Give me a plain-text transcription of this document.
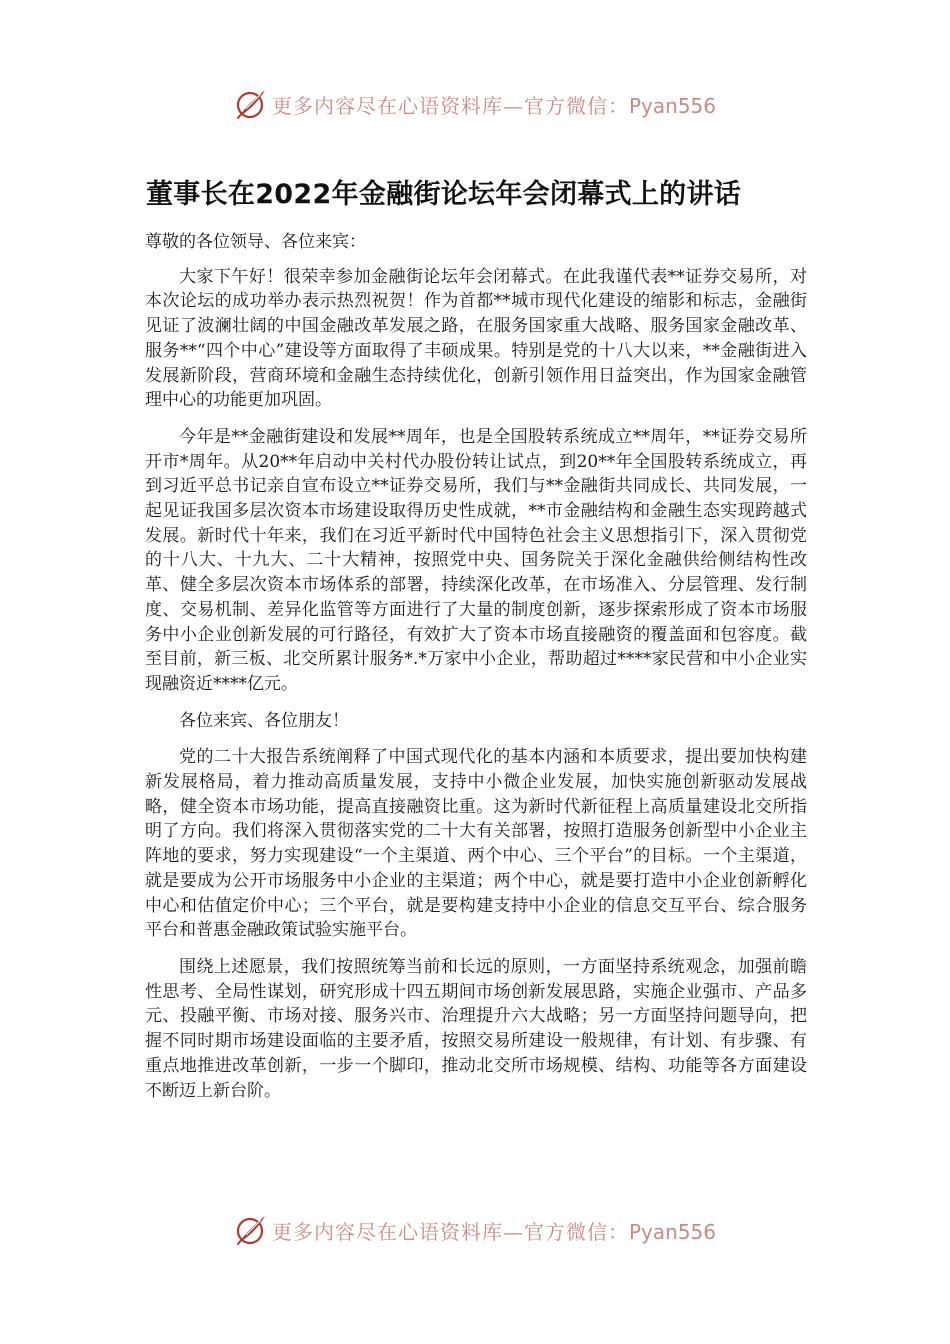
更多内容尽在心语资料库—官方微信：Pyan556
董事长在2022年金融街论坛年会闭幕式上的讲话

尊敬的各位领导、各位来宾：

大家下午好！很荣幸参加金融街论坛年会闭幕式。在此我谨代表**证券交易所，对本次论坛的成功举办表示热烈祝贺！作为首都**城市现代化建设的缩影和标志，金融街见证了波澜壮阔的中国金融改革发展之路，在服务国家重大战略、服务国家金融改革、服务**“四个中心”建设等方面取得了丰硕成果。特别是党的十八大以来，**金融街进入发展新阶段，营商环境和金融生态持续优化，创新引领作用日益突出，作为国家金融管理中心的功能更加巩固。

今年是**金融街建设和发展**周年，也是全国股转系统成立**周年，**证券交易所开市*周年。从20**年启动中关村代办股份转让试点，到20**年全国股转系统成立，再到习近平总书记亲自宣布设立**证券交易所，我们与**金融街共同成长、共同发展，一起见证我国多层次资本市场建设取得历史性成就，**市金融结构和金融生态实现跨越式发展。新时代十年来，我们在习近平新时代中国特色社会主义思想指引下，深入贯彻党的十八大、十九大、二十大精神，按照党中央、国务院关于深化金融供给侧结构性改革、健全多层次资本市场体系的部署，持续深化改革，在市场准入、分层管理、发行制度、交易机制、差异化监管等方面进行了大量的制度创新，逐步探索形成了资本市场服务中小企业创新发展的可行路径，有效扩大了资本市场直接融资的覆盖面和包容度。截至目前，新三板、北交所累计服务*.*万家中小企业，帮助超过****家民营和中小企业实现融资近****亿元。

各位来宾、各位朋友！

党的二十大报告系统阐释了中国式现代化的基本内涵和本质要求，提出要加快构建新发展格局，着力推动高质量发展，支持中小微企业发展，加快实施创新驱动发展战略，健全资本市场功能，提高直接融资比重。这为新时代新征程上高质量建设北交所指明了方向。我们将深入贯彻落实党的二十大有关部署，按照打造服务创新型中小企业主阵地的要求，努力实现建设“一个主渠道、两个中心、三个平台”的目标。一个主渠道，就是要成为公开市场服务中小企业的主渠道；两个中心，就是要打造中小企业创新孵化中心和估值定价中心；三个平台，就是要构建支持中小企业的信息交互平台、综合服务平台和普惠金融政策试验实施平台。

围绕上述愿景，我们按照统筹当前和长远的原则，一方面坚持系统观念，加强前瞻性思考、全局性谋划，研究形成十四五期间市场创新发展思路，实施企业强市、产品多元、投融平衡、市场对接、服务兴市、治理提升六大战略；另一方面坚持问题导向，把握不同时期市场建设面临的主要矛盾，按照交易所建设一般规律，有计划、有步骤、有重点地推进改革创新，一步一个脚印，推动北交所市场规模、结构、功能等各方面建设不断迈上新台阶。

更多内容尽在心语资料库—官方微信：Pyan556
